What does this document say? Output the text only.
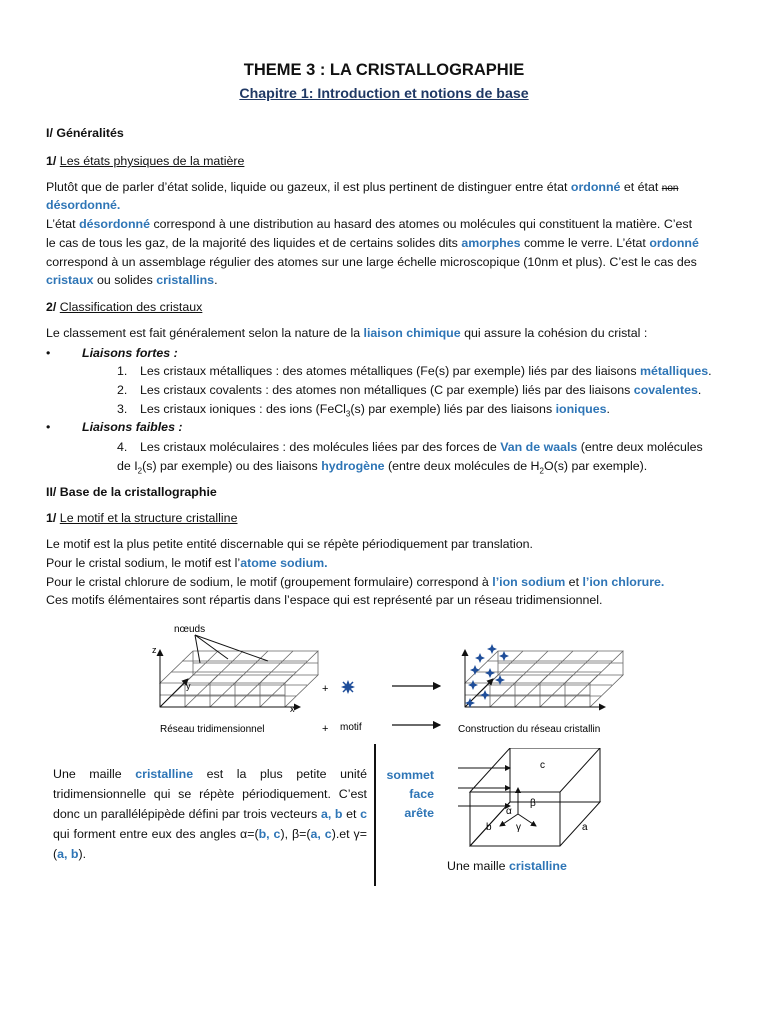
THEME 3 : LA CRISTALLOGRAPHIE
Chapitre 1: Introduction et notions de base
I/ Généralités
1/ Les états physiques de la matière
Plutôt que de parler d’état solide, liquide ou gazeux, il est plus pertinent de distinguer entre état ordonné et état non
désordonné.
L’état désordonné correspond à une distribution au hasard des atomes ou molécules qui constituent la matière. C’est
le cas de tous les gaz, de la majorité des liquides et de certains solides dits amorphes comme le verre. L’état ordonné
correspond à un assemblage régulier des atomes sur une large échelle microscopique (10nm et plus). C’est le cas des
cristaux ou solides cristallins.
2/ Classification des cristaux
Le classement est fait généralement selon la nature de la liaison chimique qui assure la cohésion du cristal :
•	Liaisons fortes :
1. Les cristaux métalliques : des atomes métalliques (Fe(s) par exemple) liés par des liaisons métalliques.
2. Les cristaux covalents : des atomes non métalliques (C par exemple) liés par des liaisons covalentes.
3. Les cristaux ioniques : des ions (FeCl$_3$(s) par exemple) liés par des liaisons ioniques.
•	Liaisons faibles :
4. Les cristaux moléculaires : des molécules liées par des forces de Van de waals (entre deux molécules
de $I_2(s)$ par exemple) ou des liaisons hydrogène (entre deux molécules de $H_2O(s)$ par exemple).
II/ Base de la cristallographie
1/ Le motif et la structure cristalline
Le motif est la plus petite entité discernable qui se répète périodiquement par translation.
Pour le cristal sodium, le motif est l’atome sodium.
Pour le cristal chlorure de sodium, le motif (groupement formulaire) correspond à l’ion sodium et l’ion chlorure.
Ces motifs élémentaires sont répartis dans l’espace qui est représenté par un réseau tridimensionnel.
nœuds
z
x
y
Réseau tridimensionnel
+
+ motif	Construction du réseau cristallin
Une maille cristalline est la plus petite unité tridimensionnelle qui se répète périodiquement. C’est donc un parallélépipède défini par trois vecteurs a, b et c qui forment entre eux des angles α=(b, c), β=(a, c).et γ=(a, b).
sommet
face
arête
c
a
b
α
β
γ
Une maille cristalline
